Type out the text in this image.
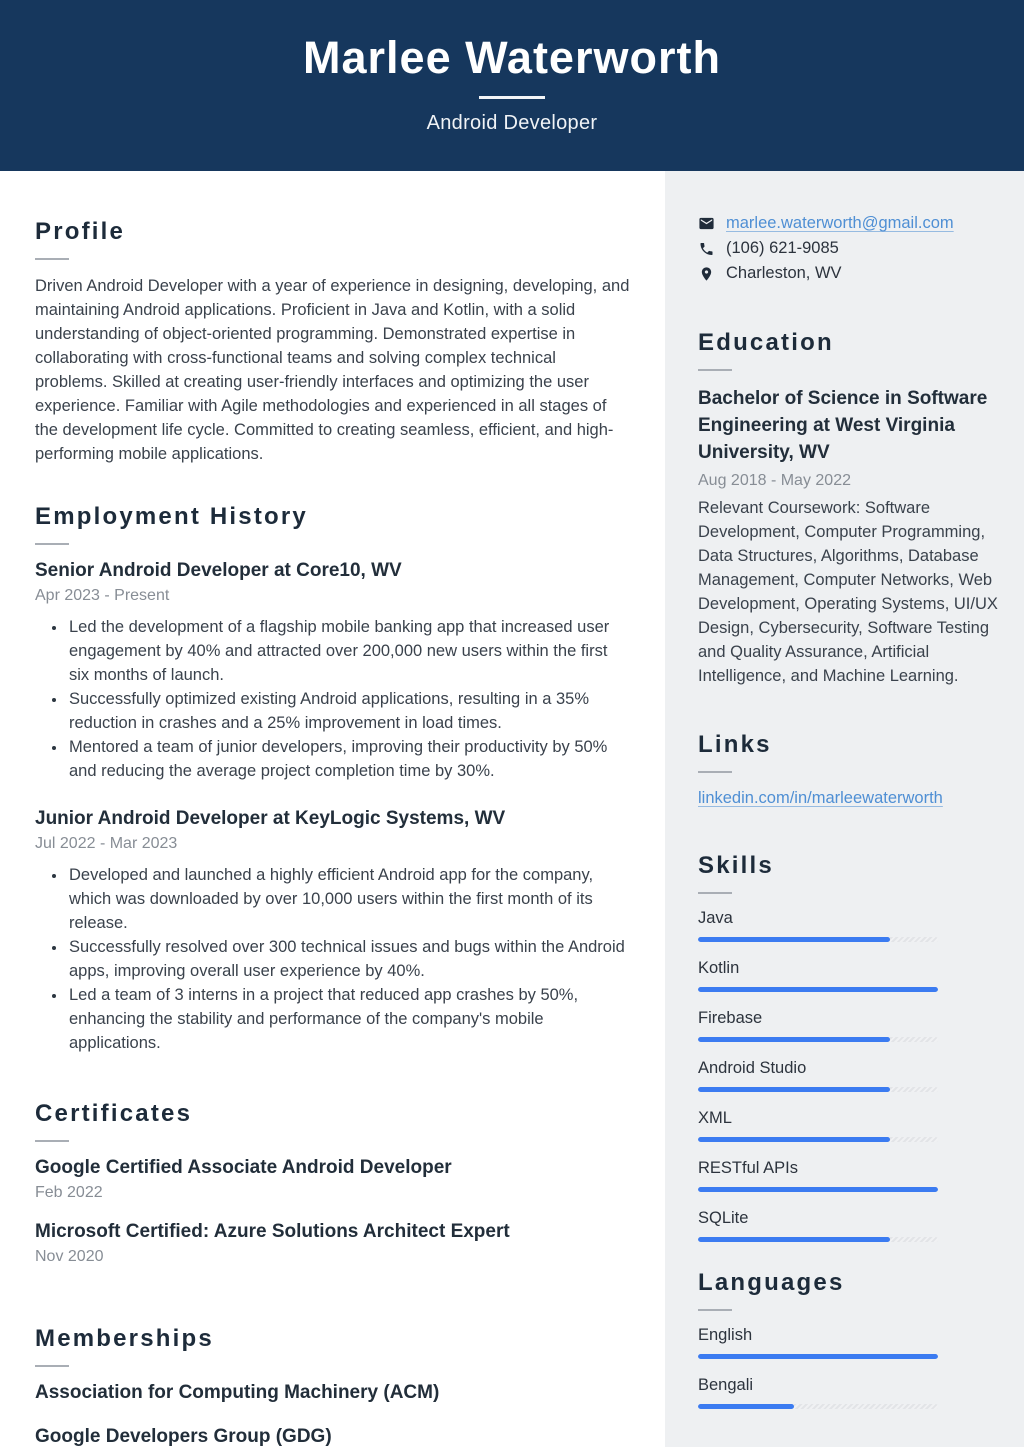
Marlee Waterworth
Android Developer
Profile

Driven Android Developer with a year of experience in designing, developing, and maintaining Android applications. Proficient in Java and Kotlin, with a solid understanding of object-oriented programming. Demonstrated expertise in collaborating with cross-functional teams and solving complex technical problems. Skilled at creating user-friendly interfaces and optimizing the user experience. Familiar with Agile methodologies and experienced in all stages of the development life cycle. Committed to creating seamless, efficient, and high-performing mobile applications.

Employment History
Senior Android Developer at Core10, WV
Apr 2023 - Present
• Led the development of a flagship mobile banking app that increased user engagement by 40% and attracted over 200,000 new users within the first six months of launch.
• Successfully optimized existing Android applications, resulting in a 35% reduction in crashes and a 25% improvement in load times.
• Mentored a team of junior developers, improving their productivity by 50% and reducing the average project completion time by 30%.
Junior Android Developer at KeyLogic Systems, WV
Jul 2022 - Mar 2023
• Developed and launched a highly efficient Android app for the company, which was downloaded by over 10,000 users within the first month of its release.
• Successfully resolved over 300 technical issues and bugs within the Android apps, improving overall user experience by 40%.
• Led a team of 3 interns in a project that reduced app crashes by 50%, enhancing the stability and performance of the company's mobile applications.
Certificates
Google Certified Associate Android Developer
Feb 2022
Microsoft Certified: Azure Solutions Architect Expert
Nov 2020
Memberships
Association for Computing Machinery (ACM)
Google Developers Group (GDG)
marlee.waterworth@gmail.com
(106) 621-9085
Charleston, WV
Education
Bachelor of Science in Software Engineering at West Virginia University, WV
Aug 2018 - May 2022

Relevant Coursework: Software Development, Computer Programming, Data Structures, Algorithms, Database Management, Computer Networks, Web Development, Operating Systems, UI/UX Design, Cybersecurity, Software Testing and Quality Assurance, Artificial Intelligence, and Machine Learning.

Links
linkedin.com/in/marleewaterworth
Skills
Java
Kotlin
Firebase
Android Studio
XML
RESTful APIs
SQLite
Languages
English
Bengali
